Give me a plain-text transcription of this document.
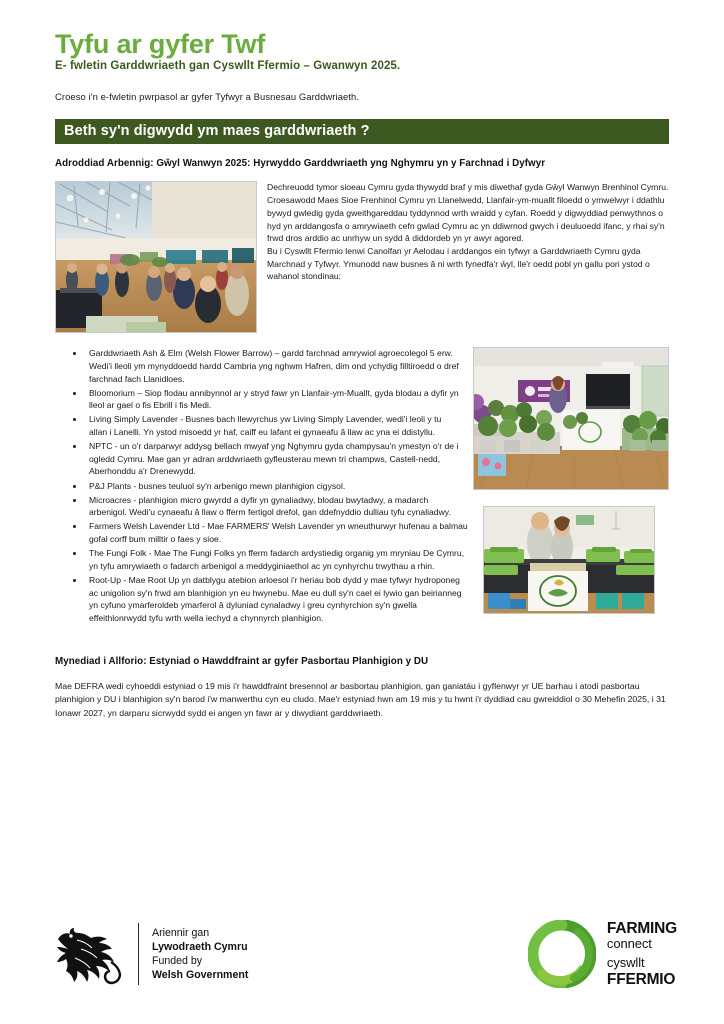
Tyfu ar gyfer Twf
E- fwletin Garddwriaeth gan Cyswllt Ffermio – Gwanwyn 2025.
Croeso i'n e-fwletin pwrpasol ar gyfer Tyfwyr a Busnesau Garddwriaeth.
Beth sy'n digwydd ym maes garddwriaeth ?
Adroddiad Arbennig: Gŵyl Wanwyn 2025: Hyrwyddo Garddwriaeth yng Nghymru yn y Farchnad i Dyfwyr

Dechreuodd tymor sioeau Cymru gyda thywydd braf y mis diwethaf gyda Gŵyl Wanwyn Brenhinol Cymru. Croesawodd Maes Sioe Frenhinol Cymru yn Llanelwedd, Llanfair-ym-muallt filoedd o ymwelwyr i ddathlu bywyd gwledig gyda gweithgareddau tyddynnod wrth wraidd y cyfan. Roedd y digwyddiad penwythnos o hyd yn arddangosfa o amrywiaeth cefn gwlad Cymru ac yn ddiwrnod gwych i deuluoedd ifanc, y rhai sy'n frwd dros arddio ac unrhyw un sydd â diddordeb yn yr awyr agored.

Bu i Cyswllt Ffermio lenwi Canolfan yr Aelodau i arddangos ein tyfwyr a Garddwriaeth Cymru gyda Marchnad y Tyfwyr. Ymunodd naw busnes â ni wrth fynedfa'r ŵyl, lle'r oedd pobl yn gallu pori ystod o wahanol stondinau:

• Garddwriaeth Ash & Elm (Welsh Flower Barrow) – gardd farchnad amrywiol agroecolegol 5 erw. Wedi'i lleoli ym mynyddoedd hardd Cambria yng nghwm Hafren, dim ond ychydig filltiroedd o dref farchnad fach Llanidloes.
• Bloomorium – Siop flodau annibynnol ar y stryd fawr yn Llanfair-ym-Muallt, gyda blodau a dyfir yn lleol ar gael o fis Ebrill i fis Medi.
• Living Simply Lavender - Busnes bach llewyrchus yw Living Simply Lavender, wedi'i leoli y tu allan i Lanelli. Yn ystod misoedd yr haf, caiff eu lafant ei gynaeafu â llaw ac yna ei ddistyllu.
• NPTC - un o'r darparwyr addysg bellach mwyaf yng Nghymru gyda champysau'n ymestyn o'r de i ogledd Cymru. Mae gan yr adran arddwriaeth gyfleusterau mewn tri champws, Castell-nedd, Aberhonddu a'r Drenewydd.
• P&J Plants - busnes teuluol sy'n arbenigo mewn planhigion cigysol.
• Microacres - planhigion micro gwyrdd a dyfir yn gynaliadwy, blodau bwytadwy, a madarch arbenigol. Wedi'u cynaeafu â llaw o fferm fertigol drefol, gan ddefnyddio dulliau tyfu cynaliadwy.
• Farmers Welsh Lavender Ltd - Mae FARMERS' Welsh Lavender yn wneuthurwyr hufenau a balmau gofal corff bum milltir o faes y sioe.
• The Fungi Folk - Mae The Fungi Folks yn fferm fadarch ardystiedig organig ym mryniau De Cymru, yn tyfu amrywiaeth o fadarch arbenigol a meddyginiaethol ac yn cynhyrchu trwythau a rhin.
• Root-Up - Mae Root Up yn datblygu atebion arloesol i'r heriau bob dydd y mae tyfwyr hydroponeg ac unigolion sy'n frwd am blanhigion yn eu hwynebu. Mae eu dull sy'n cael ei lywio gan beirianneg yn cyfuno ymarferoldeb ymarferol â dyluniad cynaladwy i greu cynhyrchion sy'n gwella effeithlonrwydd tyfu wrth wella iechyd a chynnyrch planhigion.
Mynediad i Allforio: Estyniad o Hawddfraint ar gyfer Pasbortau Planhigion y DU
Mae DEFRA wedi cyhoeddi estyniad o 19 mis i'r hawddfraint bresennol ar basbortau planhigion, gan ganiatáu i gyflenwyr yr UE barhau i atodi pasbortau planhigion y DU i blanhigion sy'n barod i'w manwerthu cyn eu cludo. Mae'r estyniad hwn am 19 mis y tu hwnt i'r dyddiad cau gwreiddiol o 30 Mehefin 2025, i 31 Ionawr 2027, yn darparu sicrwydd sydd ei angen yn fawr ar y diwydiant garddwriaeth.
Ariennir gan
Lywodraeth Cymru
Funded by
Welsh Government
FARMING
connect
cyswllt
FFERMIO
